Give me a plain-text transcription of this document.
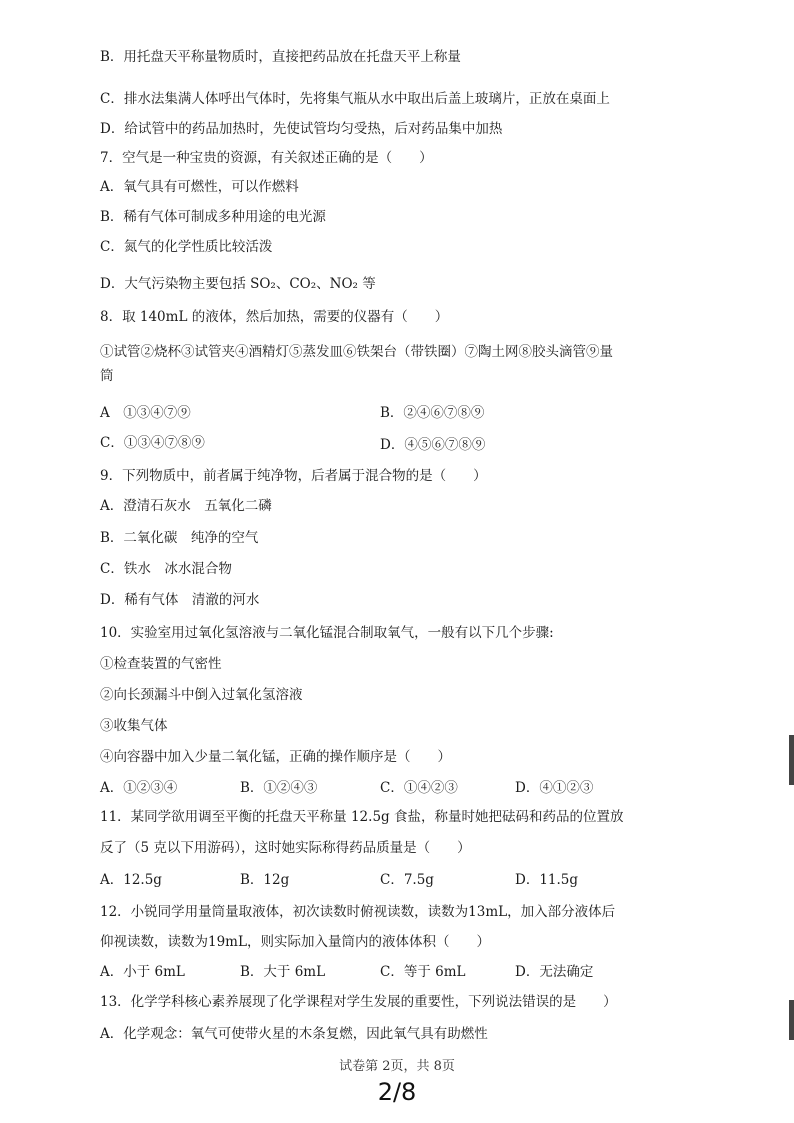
B．用托盘天平称量物质时，直接把药品放在托盘天平上称量
C．排水法集满人体呼出气体时，先将集气瓶从水中取出后盖上玻璃片，正放在桌面上
D．给试管中的药品加热时，先使试管均匀受热，后对药品集中加热
7．空气是一种宝贵的资源，有关叙述正确的是（　　）
A．氧气具有可燃性，可以作燃料
B．稀有气体可制成多种用途的电光源
C．氮气的化学性质比较活泼
D．大气污染物主要包括 SO₂、CO₂、NO₂ 等
8．取 140mL 的液体，然后加热，需要的仪器有（　　）
①试管②烧杯③试管夹④酒精灯⑤蒸发皿⑥铁架台（带铁圈）⑦陶土网⑧胶头滴管⑨量
筒
A　①③④⑦⑨	B．②④⑥⑦⑧⑨
C．①③④⑦⑧⑨	D．④⑤⑥⑦⑧⑨
9．下列物质中，前者属于纯净物，后者属于混合物的是（　　）
A．澄清石灰水　五氧化二磷
B．二氧化碳　纯净的空气
C．铁水　冰水混合物
D．稀有气体　清澈的河水
10．实验室用过氧化氢溶液与二氧化锰混合制取氧气，一般有以下几个步骤:
①检查装置的气密性
②向长颈漏斗中倒入过氧化氢溶液
③收集气体
④向容器中加入少量二氧化锰，正确的操作顺序是（　　）
A．①②③④	B．①②④③	C．①④②③	D．④①②③
11．某同学欲用调至平衡的托盘天平称量 12.5g 食盐，称量时她把砝码和药品的位置放
反了（5 克以下用游码），这时她实际称得药品质量是（　　）
A．12.5g	B．12g	C．7.5g	D．11.5g
12．小锐同学用量筒量取液体，初次读数时俯视读数，读数为13mL，加入部分液体后
仰视读数，读数为19mL，则实际加入量筒内的液体体积（　　）
A．小于 6mL	B．大于 6mL	C．等于 6mL	D．无法确定
13．化学学科核心素养展现了化学课程对学生发展的重要性，下列说法错误的是　　）
A．化学观念：氧气可使带火星的木条复燃，因此氧气具有助燃性
试卷第 2页，共 8页
2/8
